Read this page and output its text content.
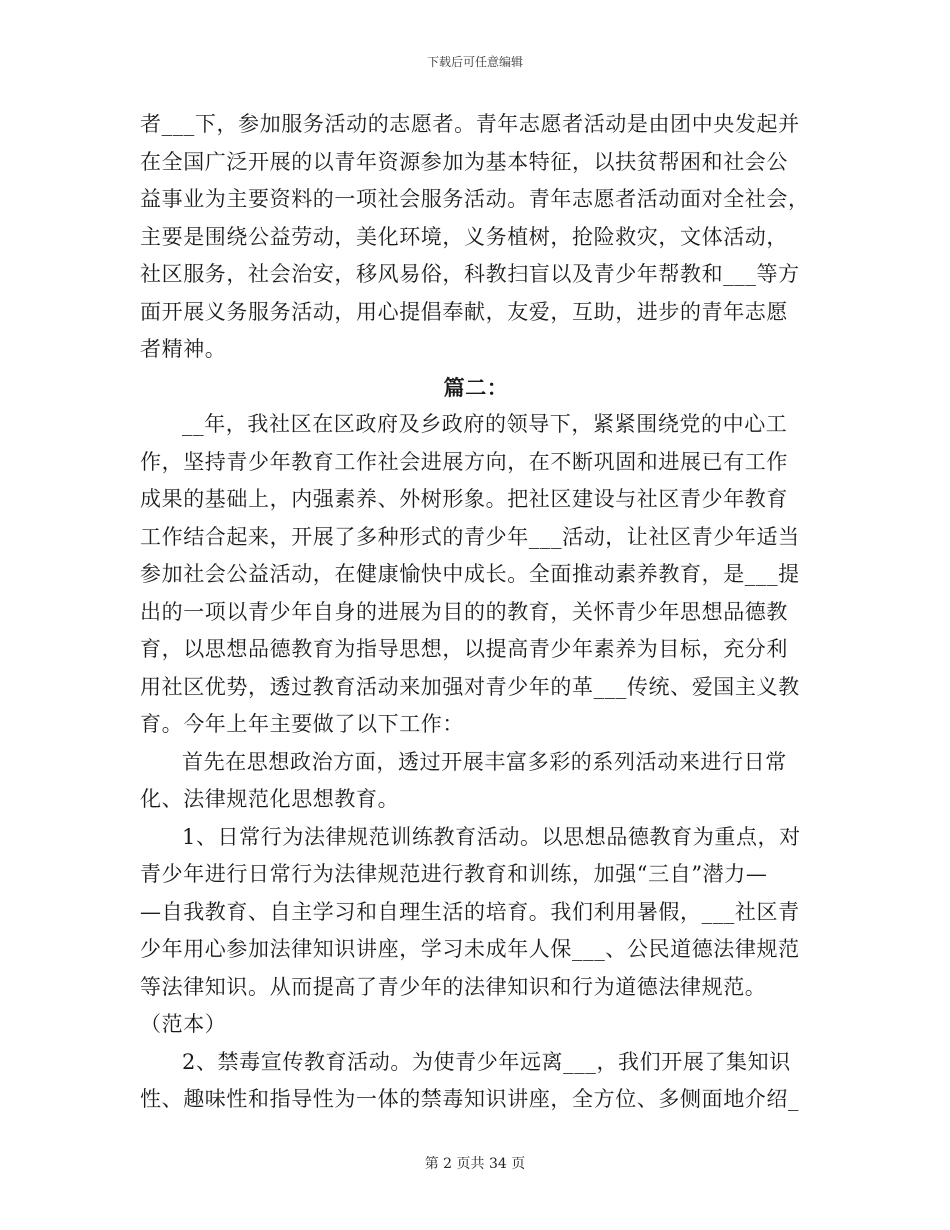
下载后可任意编辑
者___下，参加服务活动的志愿者。青年志愿者活动是由团中央发起并
在全国广泛开展的以青年资源参加为基本特征，以扶贫帮困和社会公
益事业为主要资料的一项社会服务活动。青年志愿者活动面对全社会，
主要是围绕公益劳动，美化环境，义务植树，抢险救灾，文体活动，
社区服务，社会治安，移风易俗，科教扫盲以及青少年帮教和___等方
面开展义务服务活动，用心提倡奉献，友爱，互助，进步的青年志愿
者精神。
篇二：
__年，我社区在区政府及乡政府的领导下，紧紧围绕党的中心工
作，坚持青少年教育工作社会进展方向，在不断巩固和进展已有工作
成果的基础上，内强素养、外树形象。把社区建设与社区青少年教育
工作结合起来，开展了多种形式的青少年___活动，让社区青少年适当
参加社会公益活动，在健康愉快中成长。全面推动素养教育，是___提
出的一项以青少年自身的进展为目的的教育，关怀青少年思想品德教
育，以思想品德教育为指导思想，以提高青少年素养为目标，充分利
用社区优势，透过教育活动来加强对青少年的革___传统、爱国主义教
育。今年上年主要做了以下工作：
首先在思想政治方面，透过开展丰富多彩的系列活动来进行日常
化、法律规范化思想教育。
1、日常行为法律规范训练教育活动。以思想品德教育为重点，对
青少年进行日常行为法律规范进行教育和训练，加强“三自”潜力—
—自我教育、自主学习和自理生活的培育。我们利用暑假，___社区青
少年用心参加法律知识讲座，学习未成年人保___、公民道德法律规范
等法律知识。从而提高了青少年的法律知识和行为道德法律规范。
（范本）
2、禁毒宣传教育活动。为使青少年远离___，我们开展了集知识
性、趣味性和指导性为一体的禁毒知识讲座，全方位、多侧面地介绍_
第 2 页共 34 页
